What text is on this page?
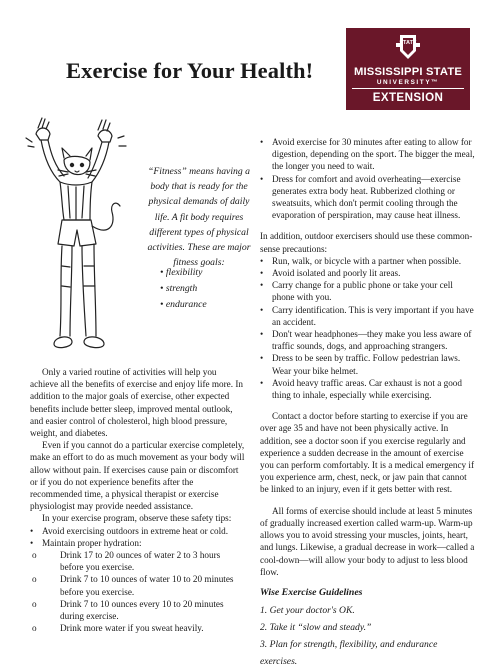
Exercise for Your Health!
STATE
MISSISSIPPI STATE
UNIVERSITY™
EXTENSION
“Fitness” means having a body that is ready for the physical demands of daily life. A fit body requires different types of physical activities. These are major fitness goals:
• flexibility
• strength
• endurance

Only a varied routine of activities will help you achieve all the benefits of exercise and enjoy life more. In addition to the major goals of exercise, other expected benefits include better sleep, improved mental outlook, and easier control of cholesterol, high blood pressure, weight, and diabetes.

Even if you cannot do a particular exercise completely, make an effort to do as much movement as your body will allow without pain. If exercises cause pain or discomfort or if you do not experience benefits after the recommended time, a physical therapist or exercise physiologist may provide needed assistance.

In your exercise program, observe these safety tips:

• Avoid exercising outdoors in extreme heat or cold.
• Maintain proper hydration:
o Drink 17 to 20 ounces of water 2 to 3 hours before you exercise.
o Drink 7 to 10 ounces of water 10 to 20 minutes before you exercise.
o Drink 7 to 10 ounces every 10 to 20 minutes during exercise.
o Drink more water if you sweat heavily.
• Avoid exercise for 30 minutes after eating to allow for digestion, depending on the sport. The bigger the meal, the longer you need to wait.
• Dress for comfort and avoid overheating—exercise generates extra body heat. Rubberized clothing or sweatsuits, which don't permit cooling through the evaporation of perspiration, may cause heat illness.

In addition, outdoor exercisers should use these common-sense precautions:

• Run, walk, or bicycle with a partner when possible.
• Avoid isolated and poorly lit areas.
• Carry change for a public phone or take your cell phone with you.
• Carry identification. This is very important if you have an accident.
• Don't wear headphones—they make you less aware of traffic sounds, dogs, and approaching strangers.
• Dress to be seen by traffic. Follow pedestrian laws. Wear your bike helmet.
• Avoid heavy traffic areas. Car exhaust is not a good thing to inhale, especially while exercising.

Contact a doctor before starting to exercise if you are over age 35 and have not been physically active. In addition, see a doctor soon if you exercise regularly and experience a sudden decrease in the amount of exercise you can perform comfortably. It is a medical emergency if you experience arm, chest, neck, or jaw pain that cannot be linked to an injury, even if it gets better with rest.

All forms of exercise should include at least 5 minutes of gradually increased exertion called warm-up. Warm-up allows you to avoid stressing your muscles, joints, heart, and lungs. Likewise, a gradual decrease in work—called a cool-down—will allow your body to adjust to less blood flow.

Wise Exercise Guidelines
1. Get your doctor's OK.
2. Take it “slow and steady.”
3. Plan for strength, flexibility, and endurance exercises.
